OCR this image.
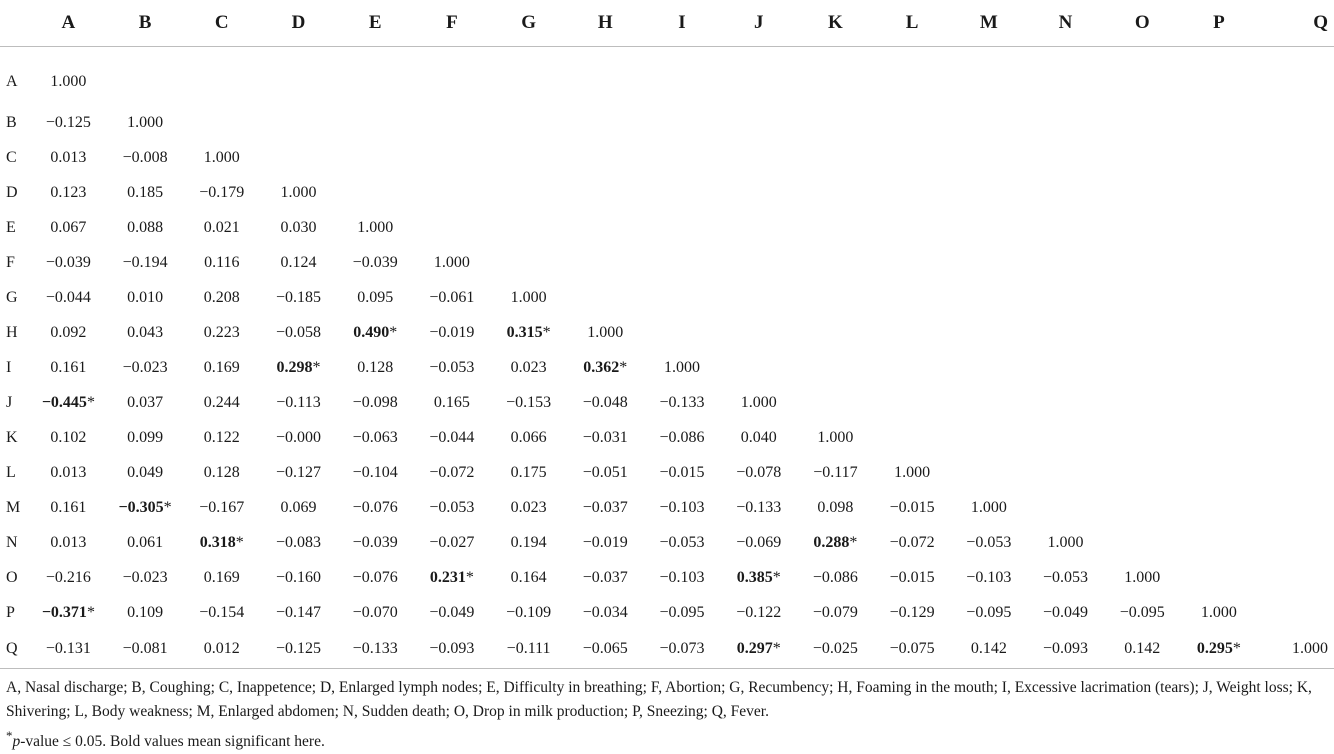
	A	B	C	D	E	F	G	H	I	J	K	L	M	N	O	P	Q
A	1.000																
B	−0.125	1.000															
C	0.013	−0.008	1.000														
D	0.123	0.185	−0.179	1.000													
E	0.067	0.088	0.021	0.030	1.000												
F	−0.039	−0.194	0.116	0.124	−0.039	1.000											
G	−0.044	0.010	0.208	−0.185	0.095	−0.061	1.000										
H	0.092	0.043	0.223	−0.058	0.490*	−0.019	0.315*	1.000									
I	0.161	−0.023	0.169	0.298*	0.128	−0.053	0.023	0.362*	1.000								
J	−0.445*	0.037	0.244	−0.113	−0.098	0.165	−0.153	−0.048	−0.133	1.000							
K	0.102	0.099	0.122	−0.000	−0.063	−0.044	0.066	−0.031	−0.086	0.040	1.000						
L	0.013	0.049	0.128	−0.127	−0.104	−0.072	0.175	−0.051	−0.015	−0.078	−0.117	1.000					
M	0.161	−0.305*	−0.167	0.069	−0.076	−0.053	0.023	−0.037	−0.103	−0.133	0.098	−0.015	1.000				
N	0.013	0.061	0.318*	−0.083	−0.039	−0.027	0.194	−0.019	−0.053	−0.069	0.288*	−0.072	−0.053	1.000			
O	−0.216	−0.023	0.169	−0.160	−0.076	0.231*	0.164	−0.037	−0.103	0.385*	−0.086	−0.015	−0.103	−0.053	1.000		
P	−0.371*	0.109	−0.154	−0.147	−0.070	−0.049	−0.109	−0.034	−0.095	−0.122	−0.079	−0.129	−0.095	−0.049	−0.095	1.000	
Q	−0.131	−0.081	0.012	−0.125	−0.133	−0.093	−0.111	−0.065	−0.073	0.297*	−0.025	−0.075	0.142	−0.093	0.142	0.295*	1.000

A, Nasal discharge; B, Coughing; C, Inappetence; D, Enlarged lymph nodes; E, Difficulty in breathing; F, Abortion; G, Recumbency; H, Foaming in the mouth; I, Excessive lacrimation (tears); J, Weight loss; K, Shivering; L, Body weakness; M, Enlarged abdomen; N, Sudden death; O, Drop in milk production; P, Sneezing; Q, Fever.

*p-value ≤ 0.05. Bold values mean significant here.
